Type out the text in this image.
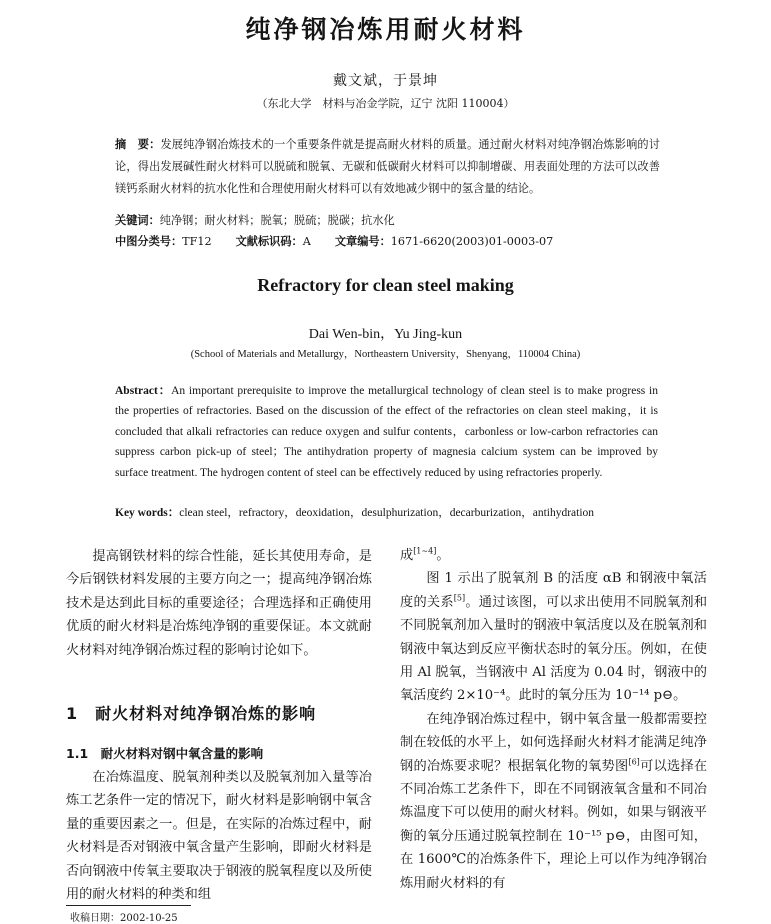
纯净钢冶炼用耐火材料
戴文斌，于景坤
（东北大学　材料与冶金学院，辽宁 沈阳 110004）
摘　要：发展纯净钢冶炼技术的一个重要条件就是提高耐火材料的质量。通过耐火材料对纯净钢冶炼影响的讨论，得出发展碱性耐火材料可以脱硫和脱氧、无碳和低碳耐火材料可以抑制增碳、用表面处理的方法可以改善镁钙系耐火材料的抗水化性和合理使用耐火材料可以有效地减少钢中的氢含量的结论。
关键词：纯净钢；耐火材料；脱氧；脱硫；脱碳；抗水化
中图分类号：TF12 文献标识码：A 文章编号：1671-6620(2003)01-0003-07
Refractory for clean steel making
Dai Wen-bin，Yu Jing-kun
(School of Materials and Metallurgy，Northeastern University，Shenyang，110004 China)
Abstract：An important prerequisite to improve the metallurgical technology of clean steel is to make progress in the properties of refractories. Based on the discussion of the effect of the refractories on clean steel making，it is concluded that alkali refractories can reduce oxygen and sulfur contents，carbonless or low-carbon refractories can suppress carbon pick-up of steel；The antihydration property of magnesia calcium system can be improved by surface treatment. The hydrogen content of steel can be effectively reduced by using refractories properly.
Key words：clean steel，refractory，deoxidation，desulphurization，decarburization，antihydration

提高钢铁材料的综合性能，延长其使用寿命，是今后钢铁材料发展的主要方向之一；提高纯净钢冶炼技术是达到此目标的重要途径；合理选择和正确使用优质的耐火材料是冶炼纯净钢的重要保证。本文就耐火材料对纯净钢冶炼过程的影响讨论如下。

1　耐火材料对纯净钢冶炼的影响
1.1　耐火材料对钢中氧含量的影响

在冶炼温度、脱氧剂种类以及脱氧剂加入量等冶炼工艺条件一定的情况下，耐火材料是影响钢中氧含量的重要因素之一。但是，在实际的冶炼过程中，耐火材料是否对钢液中氧含量产生影响，即耐火材料是否向钢液中传氧主要取决于钢液的脱氧程度以及所使用的耐火材料的种类和组

成[1~4]。

图 1 示出了脱氧剂 B 的活度 αB 和钢液中氧活度的关系[5]。通过该图，可以求出使用不同脱氧剂和不同脱氧剂加入量时的钢液中氧活度以及在脱氧剂和钢液中氧达到反应平衡状态时的氧分压。例如，在使用 Al 脱氧，当钢液中 Al 活度为 0.04 时，钢液中的氧活度约 2×10⁻⁴。此时的氧分压为 10⁻¹⁴ p⊖。

在纯净钢冶炼过程中，钢中氧含量一般都需要控制在较低的水平上，如何选择耐火材料才能满足纯净钢的冶炼要求呢？根据氧化物的氧势图[6]可以选择在不同冶炼工艺条件下，即在不同钢液氧含量和不同冶炼温度下可以使用的耐火材料。例如，如果与钢液平衡的氧分压通过脱氧控制在 10⁻¹⁵ p⊖，由图可知，在 1600℃的冶炼条件下，理论上可以作为纯净钢冶炼用耐火材料的有

收稿日期：2002-10-25
